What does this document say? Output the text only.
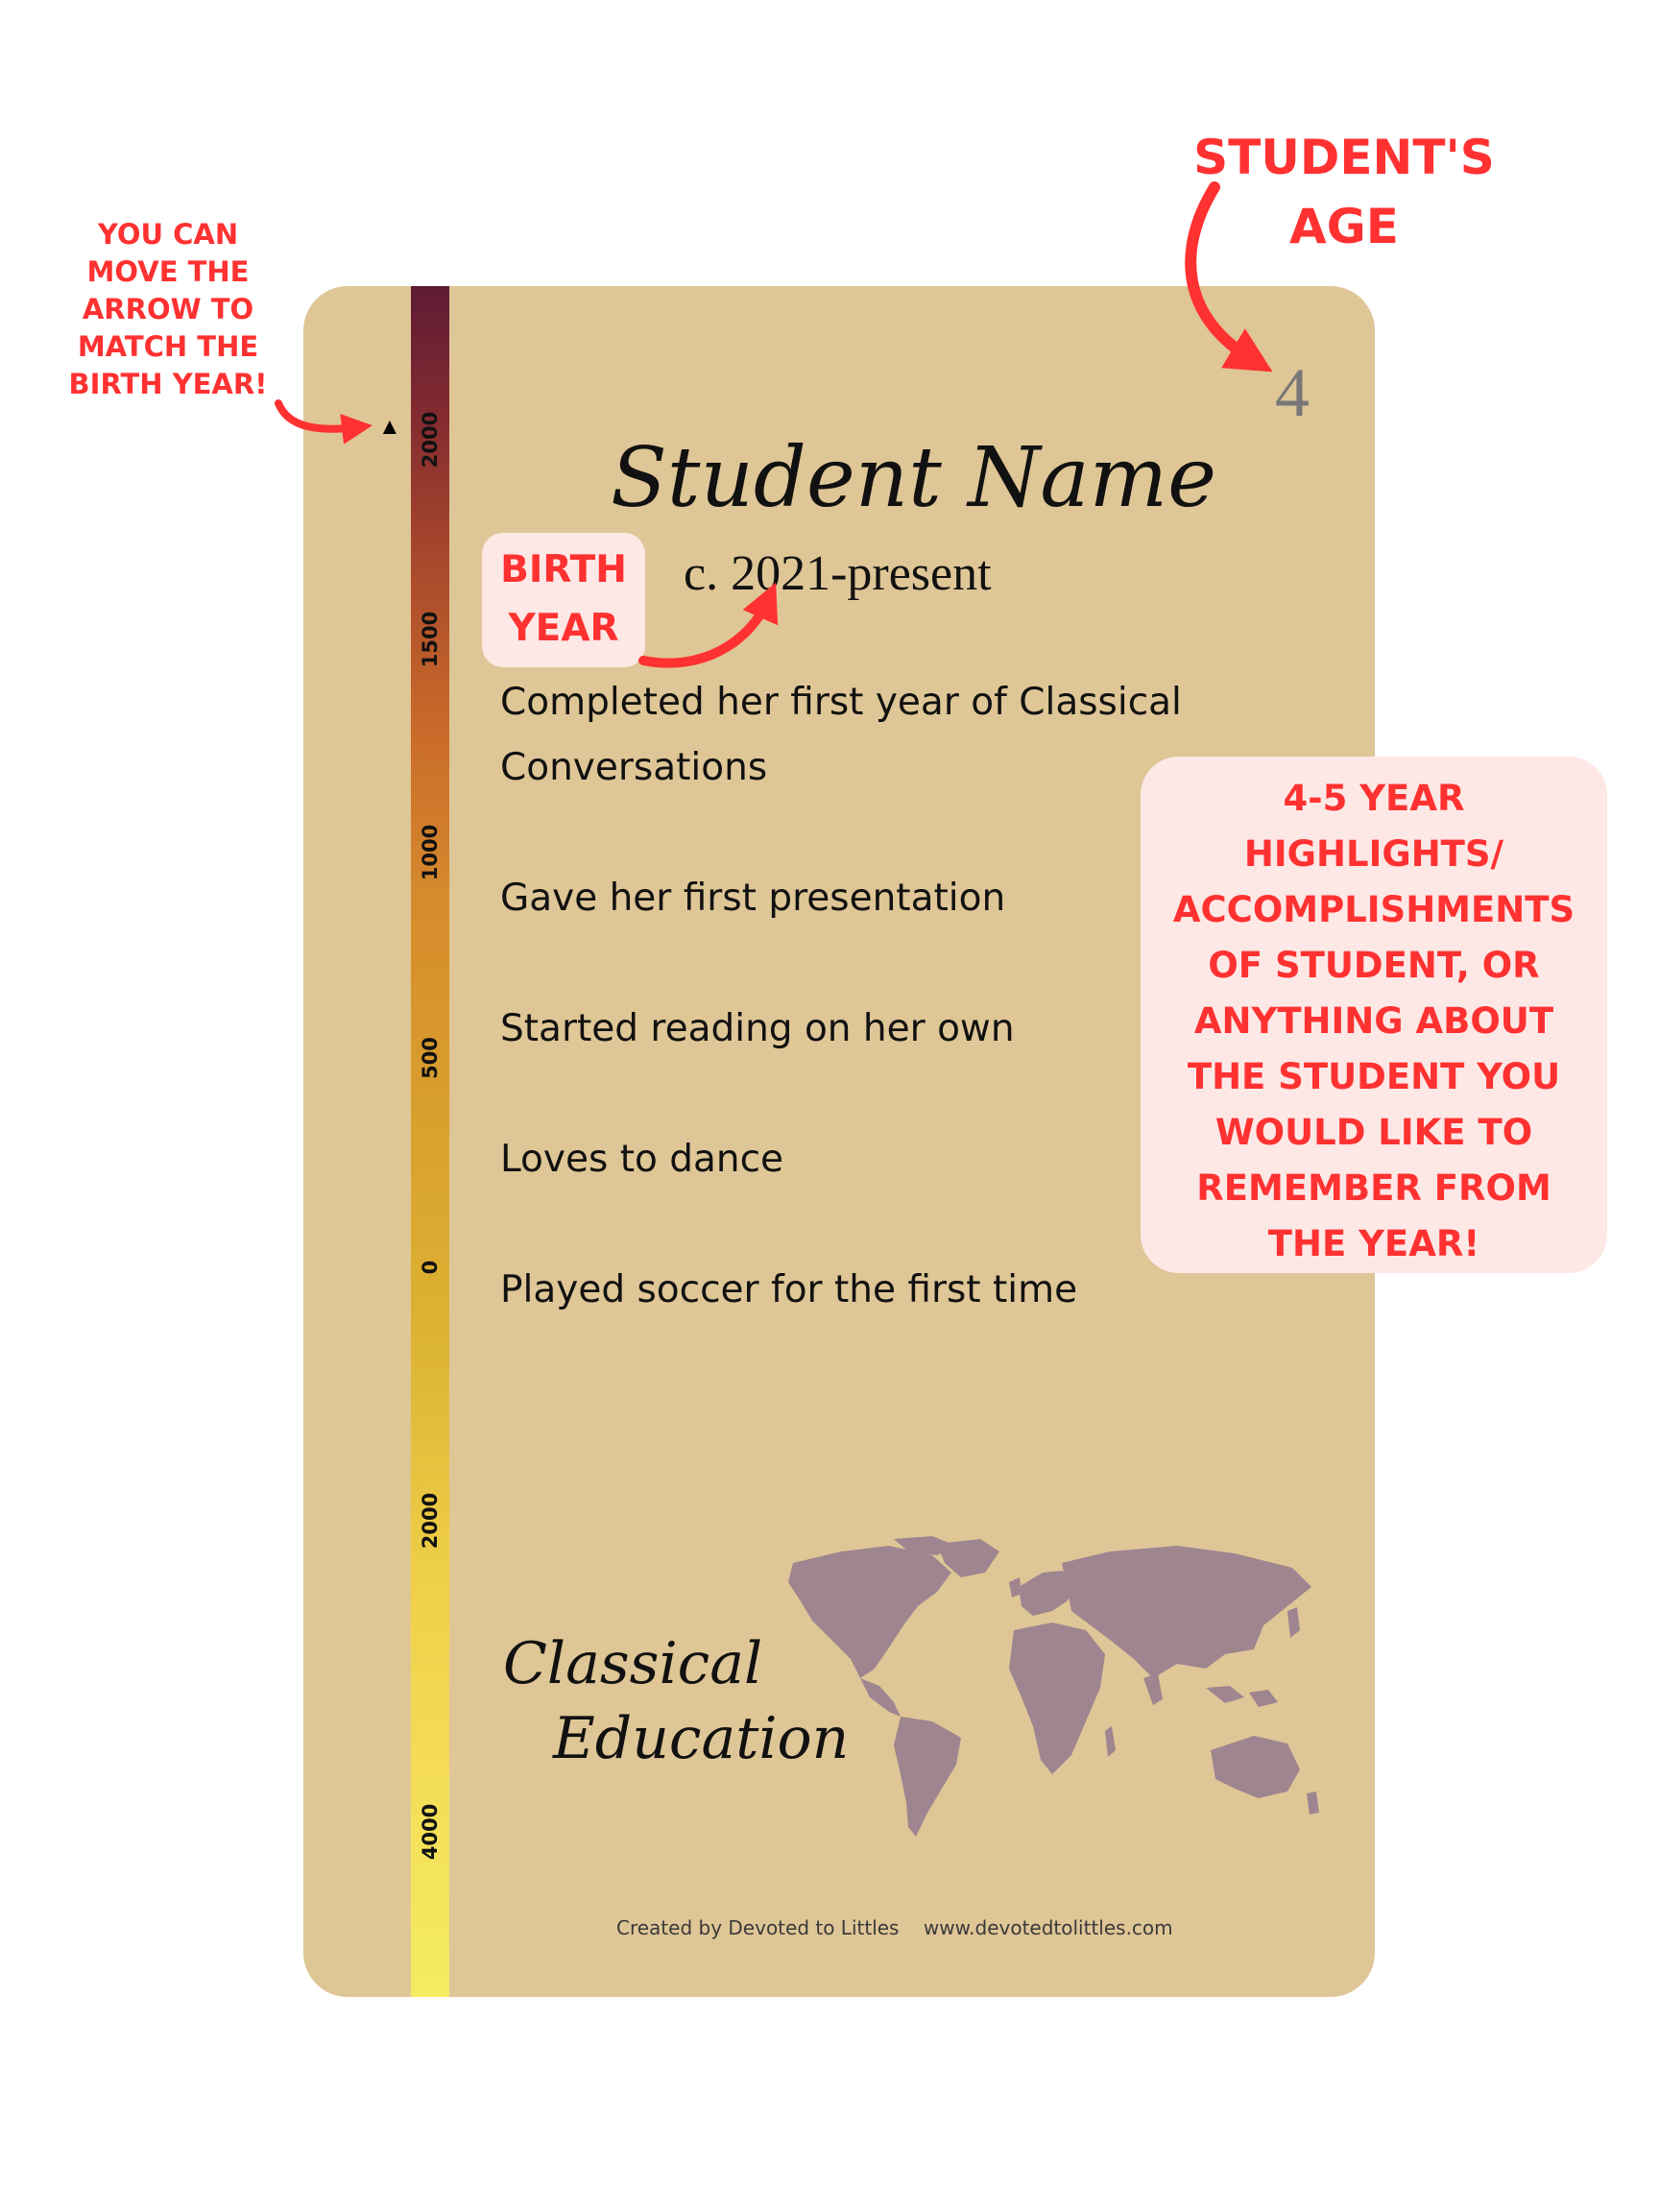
STUDENT'S
AGE
YOU CAN
MOVE THE
ARROW TO
MATCH THE
BIRTH YEAR!
2000
1500
1000
500
0
2000
4000
▲	4
Student Name
c. 2021-present
Completed her first year of Classical Conversations
Gave her first presentation
Started reading on her own
Loves to dance
Played soccer for the first time
Classical
Education
Created by Devoted to Littles    www.devotedtolittles.com
BIRTH
YEAR
4-5 YEAR
HIGHLIGHTS/
ACCOMPLISHMENTS
OF STUDENT, OR
ANYTHING ABOUT
THE STUDENT YOU
WOULD LIKE TO
REMEMBER FROM
THE YEAR!
